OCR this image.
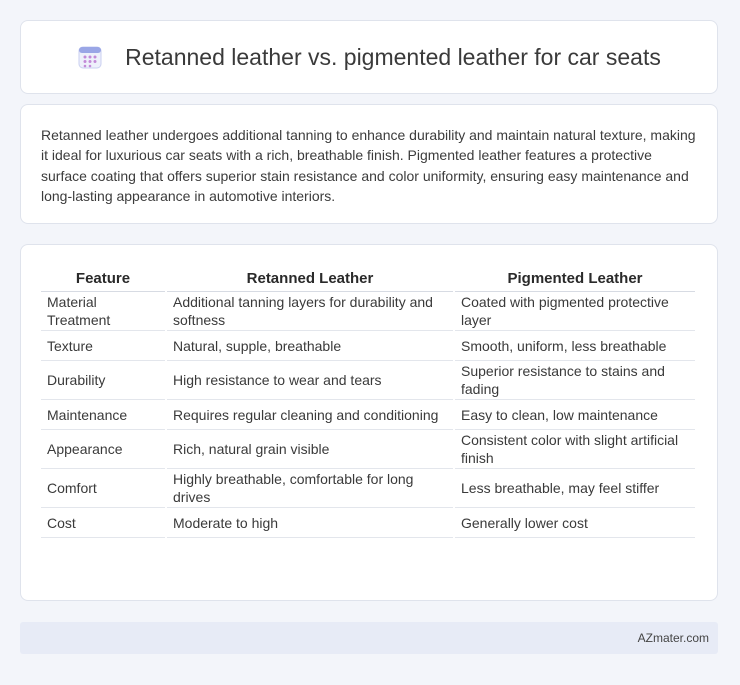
Retanned leather vs. pigmented leather for car seats

Retanned leather undergoes additional tanning to enhance durability and maintain natural texture, making it ideal for luxurious car seats with a rich, breathable finish. Pigmented leather features a protective surface coating that offers superior stain resistance and color uniformity, ensuring easy maintenance and long-lasting appearance in automotive interiors.

Feature	Retanned Leather	Pigmented Leather
Material Treatment	Additional tanning layers for durability and softness	Coated with pigmented protective layer
Texture	Natural, supple, breathable	Smooth, uniform, less breathable
Durability	High resistance to wear and tears	Superior resistance to stains and fading
Maintenance	Requires regular cleaning and conditioning	Easy to clean, low maintenance
Appearance	Rich, natural grain visible	Consistent color with slight artificial finish
Comfort	Highly breathable, comfortable for long drives	Less breathable, may feel stiffer
Cost	Moderate to high	Generally lower cost
AZmater.com
